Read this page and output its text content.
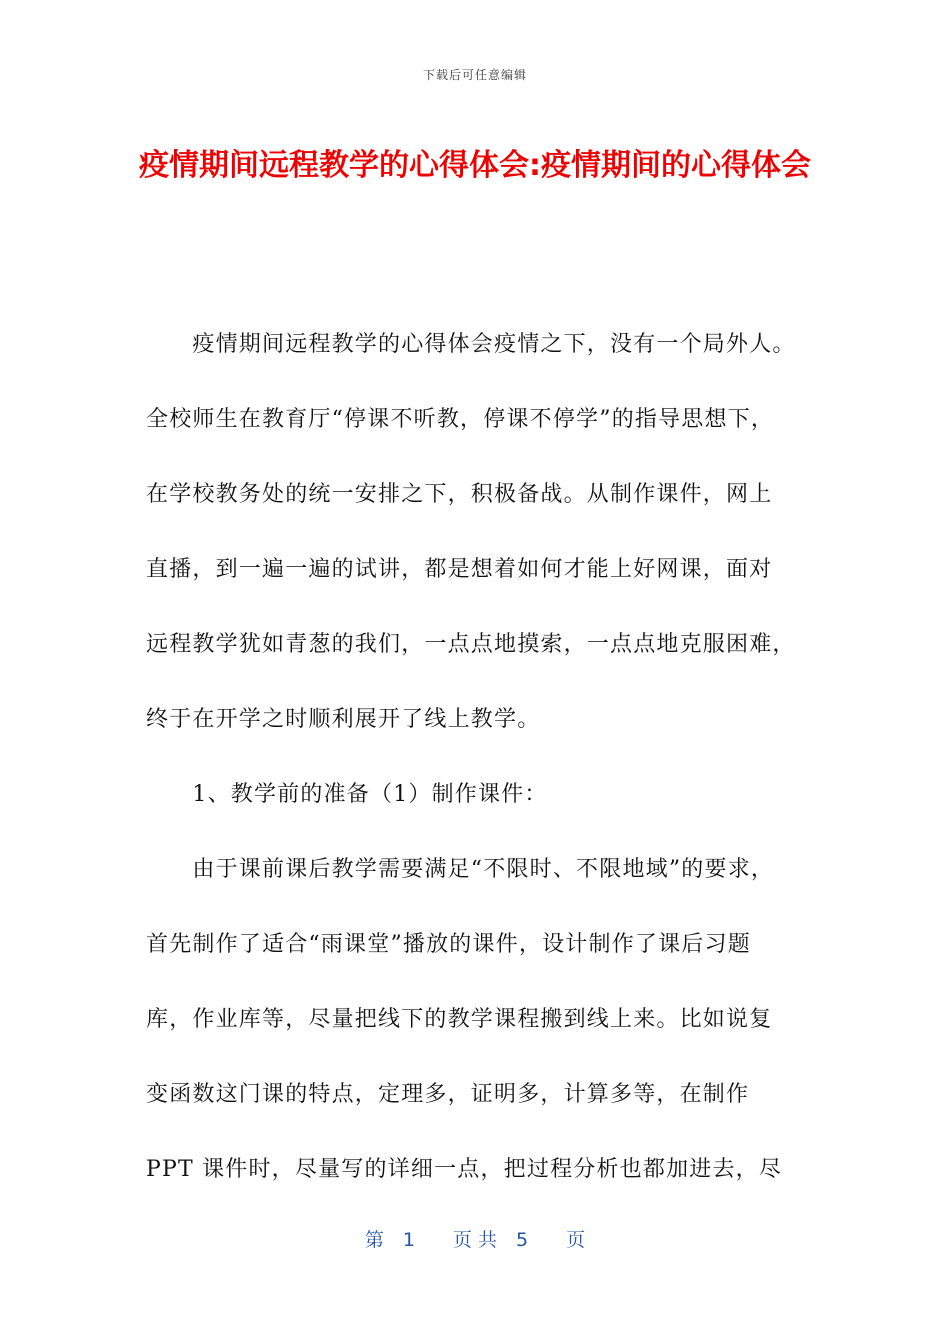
下载后可任意编辑
疫情期间远程教学的心得体会:疫情期间的心得体会
　　疫情期间远程教学的心得体会疫情之下，没有一个局外人。
全校师生在教育厅“停课不听教，停课不停学”的指导思想下，
在学校教务处的统一安排之下，积极备战。从制作课件，网上
直播，到一遍一遍的试讲，都是想着如何才能上好网课，面对
远程教学犹如青葱的我们，一点点地摸索，一点点地克服困难，
终于在开学之时顺利展开了线上教学。
　　1、教学前的准备（1）制作课件：
　　由于课前课后教学需要满足“不限时、不限地域”的要求，
首先制作了适合“雨课堂”播放的课件，设计制作了课后习题
库，作业库等，尽量把线下的教学课程搬到线上来。比如说复
变函数这门课的特点，定理多，证明多，计算多等，在制作
PPT 课件时，尽量写的详细一点，把过程分析也都加进去，尽
第　1　　页 共　5　　页
